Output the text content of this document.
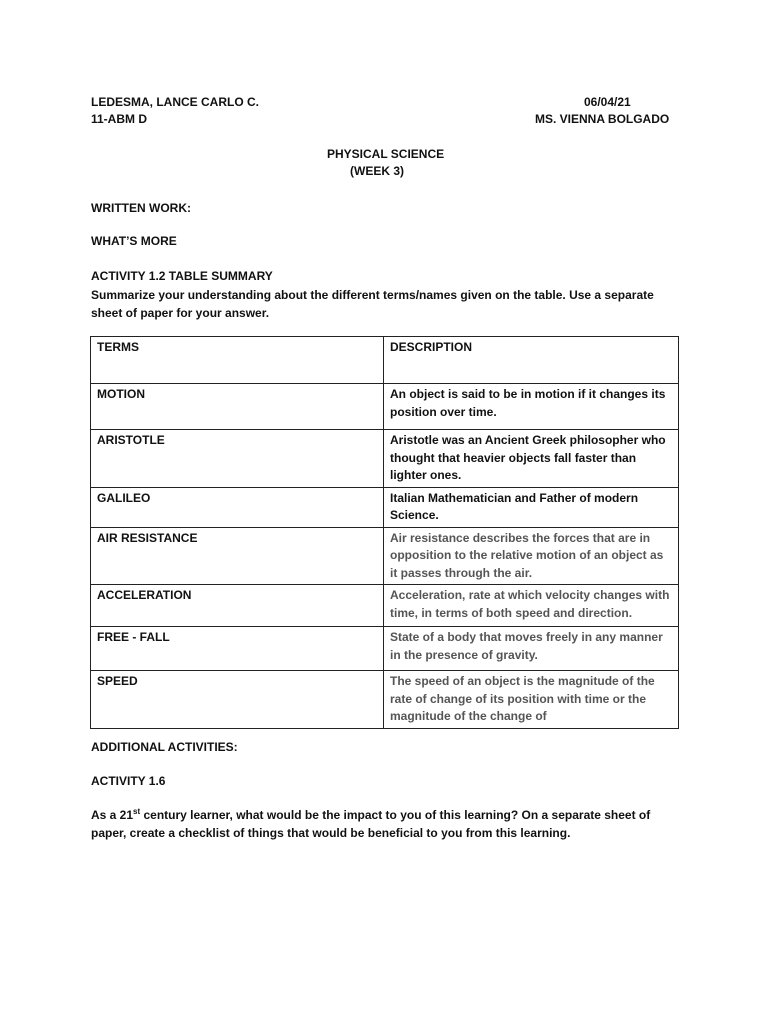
LEDESMA, LANCE CARLO C.
11-ABM D
06/04/21
MS. VIENNA BOLGADO
PHYSICAL SCIENCE
(WEEK 3)
WRITTEN WORK:
WHAT’S MORE
ACTIVITY 1.2 TABLE SUMMARY
Summarize your understanding about the different terms/names given on the table. Use a separate sheet of paper for your answer.
TERMS	DESCRIPTION
MOTION	An object is said to be in motion if it changes its position over time.
ARISTOTLE	Aristotle was an Ancient Greek philosopher who thought that heavier objects fall faster than lighter ones.
GALILEO	Italian Mathematician and Father of modern Science.
AIR RESISTANCE	Air resistance describes the forces that are in opposition to the relative motion of an object as it passes through the air.
ACCELERATION	Acceleration, rate at which velocity changes with time, in terms of both speed and direction.
FREE - FALL	State of a body that moves freely in any manner in the presence of gravity.
SPEED	The speed of an object is the magnitude of the rate of change of its position with time or the magnitude of the change of
ADDITIONAL ACTIVITIES:
ACTIVITY 1.6
As a 21st century learner, what would be the impact to you of this learning? On a separate sheet of paper, create a checklist of things that would be beneficial to you from this learning.
